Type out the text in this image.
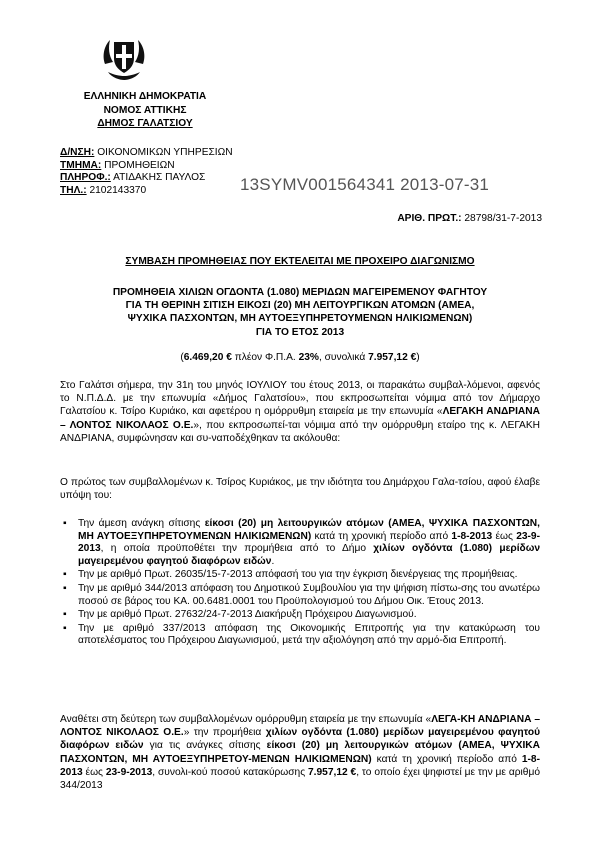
ΕΛΛΗΝΙΚΗ ΔΗΜΟΚΡΑΤΙΑ
ΝΟΜΟΣ ΑΤΤΙΚΗΣ
ΔΗΜΟΣ ΓΑΛΑΤΣΙΟΥ
Δ/ΝΣΗ: ΟΙΚΟΝΟΜΙΚΩΝ ΥΠΗΡΕΣΙΩΝ
ΤΜΗΜΑ: ΠΡΟΜΗΘΕΙΩΝ
ΠΛΗΡΟΦ.: ΑΤΙΔΑΚΗΣ ΠΑΥΛΟΣ
ΤΗΛ.: 2102143370	13SYMV001564341 2013-07-31
ΑΡΙΘ. ΠΡΩΤ.: 28798/31-7-2013
ΣΥΜΒΑΣΗ ΠΡΟΜΗΘΕΙΑΣ ΠΟΥ ΕΚΤΕΛΕΙΤΑΙ ΜΕ ΠΡΟΧΕΙΡΟ ΔΙΑΓΩΝΙΣΜΟ
ΠΡΟΜΗΘΕΙΑ ΧΙΛΙΩΝ ΟΓΔΟΝΤΑ (1.080) ΜΕΡΙΔΩΝ ΜΑΓΕΙΡΕΜΕΝΟΥ ΦΑΓΗΤΟΥ
ΓΙΑ ΤΗ ΘΕΡΙΝΗ ΣΙΤΙΣΗ ΕΙΚΟΣΙ (20) ΜΗ ΛΕΙΤΟΥΡΓΙΚΩΝ ΑΤΟΜΩΝ (ΑΜΕΑ,
ΨΥΧΙΚΑ ΠΑΣΧΟΝΤΩΝ, ΜΗ ΑΥΤΟΕΞΥΠΗΡΕΤΟΥΜΕΝΩΝ ΗΛΙΚΙΩΜΕΝΩΝ)
ΓΙΑ ΤΟ ΕΤΟΣ 2013
(6.469,20 € πλέον Φ.Π.Α. 23%, συνολικά 7.957,12 €)
Στο Γαλάτσι σήμερα, την 31η του μηνός ΙΟΥΛΙΟΥ του έτους 2013, οι παρακάτω συμβαλ-λόμενοι, αφενός το Ν.Π.Δ.Δ. με την επωνυμία «Δήμος Γαλατσίου», που εκπροσωπείται νόμιμα από τον Δήμαρχο Γαλατσίου κ. Τσίρο Κυριάκο, και αφετέρου η ομόρρυθμη εταιρεία με την επωνυμία «ΛΕΓΑΚΗ ΑΝΔΡΙΑΝΑ – ΛΟΝΤΟΣ ΝΙΚΟΛΑΟΣ Ο.Ε.», που εκπροσωπεί-ται νόμιμα από την ομόρρυθμη εταίρο της κ. ΛΕΓΑΚΗ ΑΝΔΡΙΑΝΑ, συμφώνησαν και συ-ναποδέχθηκαν τα ακόλουθα:
Ο πρώτος των συμβαλλομένων κ. Τσίρος Κυριάκος, με την ιδιότητα του Δημάρχου Γαλα-τσίου, αφού έλαβε υπόψη του:
▪ Την άμεση ανάγκη σίτισης είκοσι (20) μη λειτουργικών ατόμων (ΑΜΕΑ, ΨΥΧΙΚΑ ΠΑΣΧΟΝΤΩΝ, ΜΗ ΑΥΤΟΕΞΥΠΗΡΕΤΟΥΜΕΝΩΝ ΗΛΙΚΙΩΜΕΝΩΝ) κατά τη χρονική περίοδο από 1-8-2013 έως 23-9-2013, η οποία προϋποθέτει την προμήθεια από το Δήμο χιλίων ογδόντα (1.080) μερίδων μαγειρεμένου φαγητού διαφόρων ειδών.
▪ Την με αριθμό Πρωτ. 26035/15-7-2013 απόφασή του για την έγκριση διενέργειας της προμήθειας.
▪ Την με αριθμό 344/2013 απόφαση του Δημοτικού Συμβουλίου για την ψήφιση πίστω-σης του ανωτέρω ποσού σε βάρος του ΚΑ. 00.6481.0001 του Προϋπολογισμού του Δήμου Οικ. Έτους 2013.
▪ Την με αριθμό Πρωτ. 27632/24-7-2013 Διακήρυξη Πρόχειρου Διαγωνισμού.
▪ Την με αριθμό 337/2013 απόφαση της Οικονομικής Επιτροπής για την κατακύρωση του αποτελέσματος του Πρόχειρου Διαγωνισμού, μετά την αξιολόγηση από την αρμό-δια Επιτροπή.
Αναθέτει στη δεύτερη των συμβαλλομένων ομόρρυθμη εταιρεία με την επωνυμία «ΛΕΓΑ-ΚΗ ΑΝΔΡΙΑΝΑ – ΛΟΝΤΟΣ ΝΙΚΟΛΑΟΣ Ο.Ε.» την προμήθεια χιλίων ογδόντα (1.080) μερίδων μαγειρεμένου φαγητού διαφόρων ειδών για τις ανάγκες σίτισης είκοσι (20) μη λειτουργικών ατόμων (ΑΜΕΑ, ΨΥΧΙΚΑ ΠΑΣΧΟΝΤΩΝ, ΜΗ ΑΥΤΟΕΞΥΠΗΡΕΤΟΥ-ΜΕΝΩΝ ΗΛΙΚΙΩΜΕΝΩΝ) κατά τη χρονική περίοδο από 1-8-2013 έως 23-9-2013, συνολι-κού ποσού κατακύρωσης 7.957,12 €, το οποίο έχει ψηφιστεί με την με αριθμό 344/2013
